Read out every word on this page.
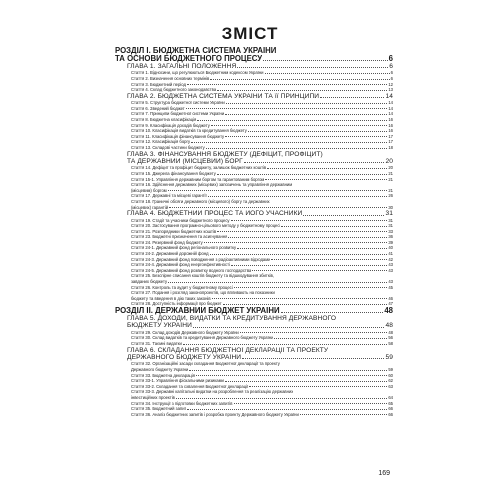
ЗМІСТ
РОЗДІЛ І. БЮДЖЕТНА СИСТЕМА УКРАЇНИ
ТА ОСНОВИ БЮДЖЕТНОГО ПРОЦЕСУ	6
ГЛАВА 1. ЗАГАЛЬНІ ПОЛОЖЕННЯ	6
Стаття 1. Відносини, що регулюються Бюджетним кодексом України	6
Стаття 2. Визначення основних термінів	6
Стаття 3. Бюджетний період	12
Стаття 4. Склад бюджетного законодавства	13
ГЛАВА 2. БЮДЖЕТНА СИСТЕМА УКРАЇНИ ТА її ПРИНЦИПИ	14
Стаття 5. Структура бюджетної системи України	14
Стаття 6. Зведений бюджет	14
Стаття 7. Принципи бюджетної системи України	14
Стаття 8. Бюджетна класифікація	16
Стаття 9. Класифікація доходів бюджету	16
Стаття 10. Класифікація видатків та кредитування бюджету	16
Стаття 11. Класифікація фінансування бюджету	17
Стаття 12. Класифікація боргу	17
Стаття 13. Складові частини бюджету	18
ГЛАВА 3. ФІНАНСУВАННЯ БЮДЖЕТУ (ДЕФІЦИТ, ПРОФІЦИТ)
ТА ДЕРЖАВНИЙ (МІСЦЕВИЙ) БОРГ	20
Стаття 14. Дефіцит та профіцит бюджету, залишок бюджетних коштів	20
Стаття 15. Джерела фінансування бюджету	21
Стаття 15-1. Управління державним боргом та гарантованим боргом	21
Стаття 16. Здійснення державних (місцевих) запозичень та управління державним
(місцевим) боргом	21
Стаття 17. Державні та місцеві гарантії	26
Стаття 18. Граничні обсяги державного (місцевого) боргу та державних
(місцевих) гарантій	30
ГЛАВА 4. БЮДЖЕТНИЙ ПРОЦЕС ТА ЙОГО УЧАСНИКИ	31
Стаття 19. Стадії та учасники бюджетного процесу	31
Стаття 20. Застосування програмно-цільового методу у бюджетному процесі	31
Стаття 21. Розпорядники бюджетних коштів	33
Стаття 23. Бюджетні призначення та асигнування	36
Стаття 24. Резервний фонд бюджету	39
Стаття 24-1. Державний фонд регіонального розвитку	40
Стаття 24-2. Державний дорожній фонд	41
Стаття 24-3. Державний фонд поводження з радіоактивними відходами	42
Стаття 24-4. Державний фонд енергоефективності	43
Стаття 24-5. Державний фонд розвитку водного господарства	43
Стаття 25. Безспірне списання коштів бюджету та відшкодування збитків,
завданих бюджету	43
Стаття 26. Контроль та аудит у бюджетному процесі	45
Стаття 27. Подання і розгляд законопроектів, що впливають на показники
бюджету та введення в дію таких законів	46
Стаття 28. Доступність інформації про бюджет	47
РОЗДІЛ ІІ. ДЕРЖАВНИЙ БЮДЖЕТ УКРАЇНИ	48
ГЛАВА 5. ДОХОДИ, ВИДАТКИ ТА КРЕДИТУВАННЯ ДЕРЖАВНОГО
БЮДЖЕТУ УКРАЇНИ	48
Стаття 29. Склад доходів Державного бюджету України	48
Стаття 30. Склад видатків та кредитування Державного бюджету України	56
Стаття 31. Таємні видатки	58
ГЛАВА 6. СКЛАДАННЯ БЮДЖЕТНОЇ ДЕКЛАРАЦІЇ ТА ПРОЕКТУ
ДЕРЖАВНОГО БЮДЖЕТУ УКРАЇНИ	59
Стаття 32. Організаційні засади складання Бюджетної декларації та проекту
Державного бюджету України	59
Стаття 33. Бюджетна декларація	60
Стаття 33-1. Управління фіскальними ризиками	62
Стаття 33-2. Складання та схвалення Бюджетної декларації	63
Стаття 33-3. Державні капітальні видатки на розроблення та реалізацію державних
інвестиційних проектів	64
Стаття 34. Інструкції з підготовки бюджетних запитів	65
Стаття 35. Бюджетний запит	66
Стаття 36. Аналіз бюджетних запитів і розробка проекту Державного бюджету України	66
169
